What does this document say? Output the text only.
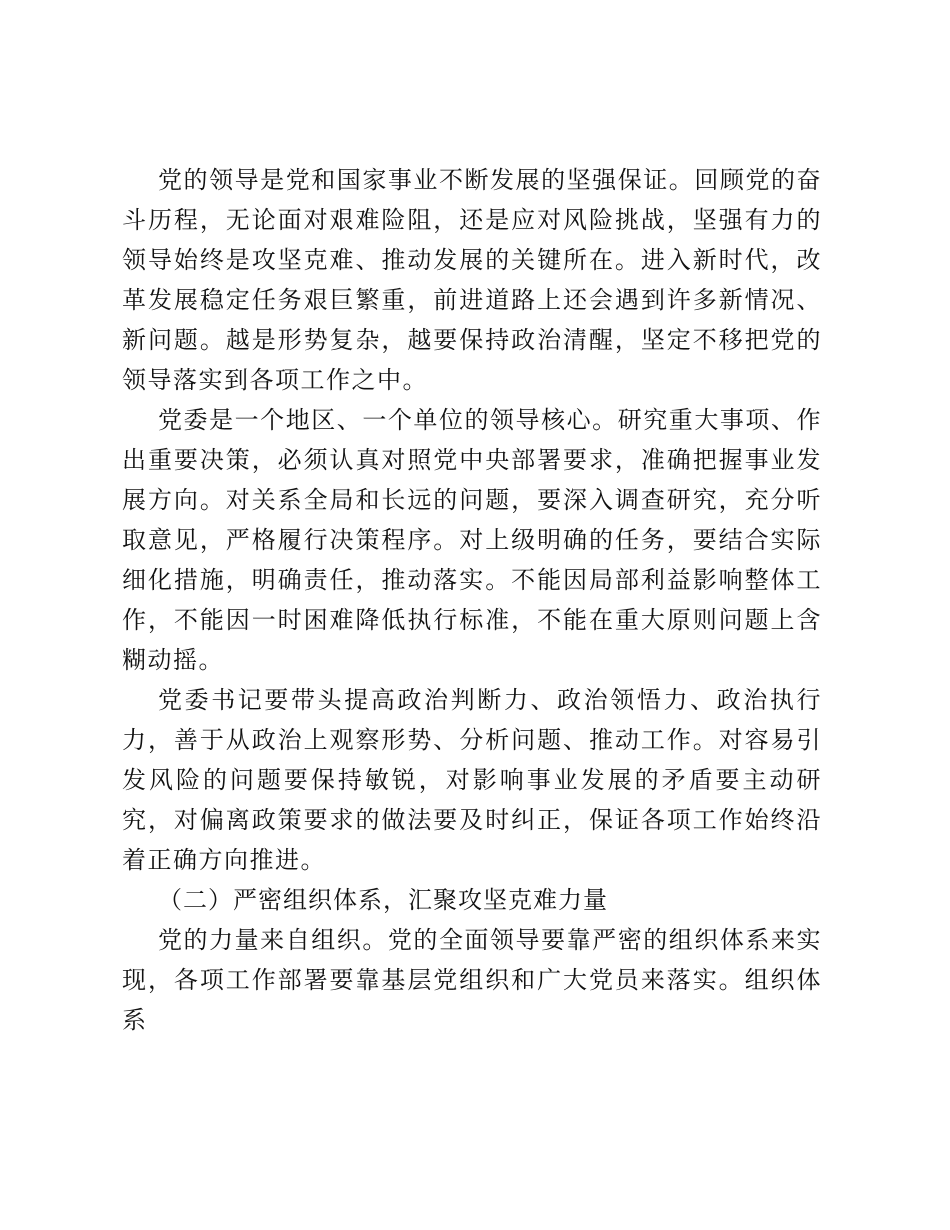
党的领导是党和国家事业不断发展的坚强保证。回顾党的奋斗历程，无论面对艰难险阻，还是应对风险挑战，坚强有力的领导始终是攻坚克难、推动发展的关键所在。进入新时代，改革发展稳定任务艰巨繁重，前进道路上还会遇到许多新情况、新问题。越是形势复杂，越要保持政治清醒，坚定不移把党的领导落实到各项工作之中。

党委是一个地区、一个单位的领导核心。研究重大事项、作出重要决策，必须认真对照党中央部署要求，准确把握事业发展方向。对关系全局和长远的问题，要深入调查研究，充分听取意见，严格履行决策程序。对上级明确的任务，要结合实际细化措施，明确责任，推动落实。不能因局部利益影响整体工作，不能因一时困难降低执行标准，不能在重大原则问题上含糊动摇。

党委书记要带头提高政治判断力、政治领悟力、政治执行力，善于从政治上观察形势、分析问题、推动工作。对容易引发风险的问题要保持敏锐，对影响事业发展的矛盾要主动研究，对偏离政策要求的做法要及时纠正，保证各项工作始终沿着正确方向推进。

（二）严密组织体系，汇聚攻坚克难力量

党的力量来自组织。党的全面领导要靠严密的组织体系来实现，各项工作部署要靠基层党组织和广大党员来落实。组织体系
